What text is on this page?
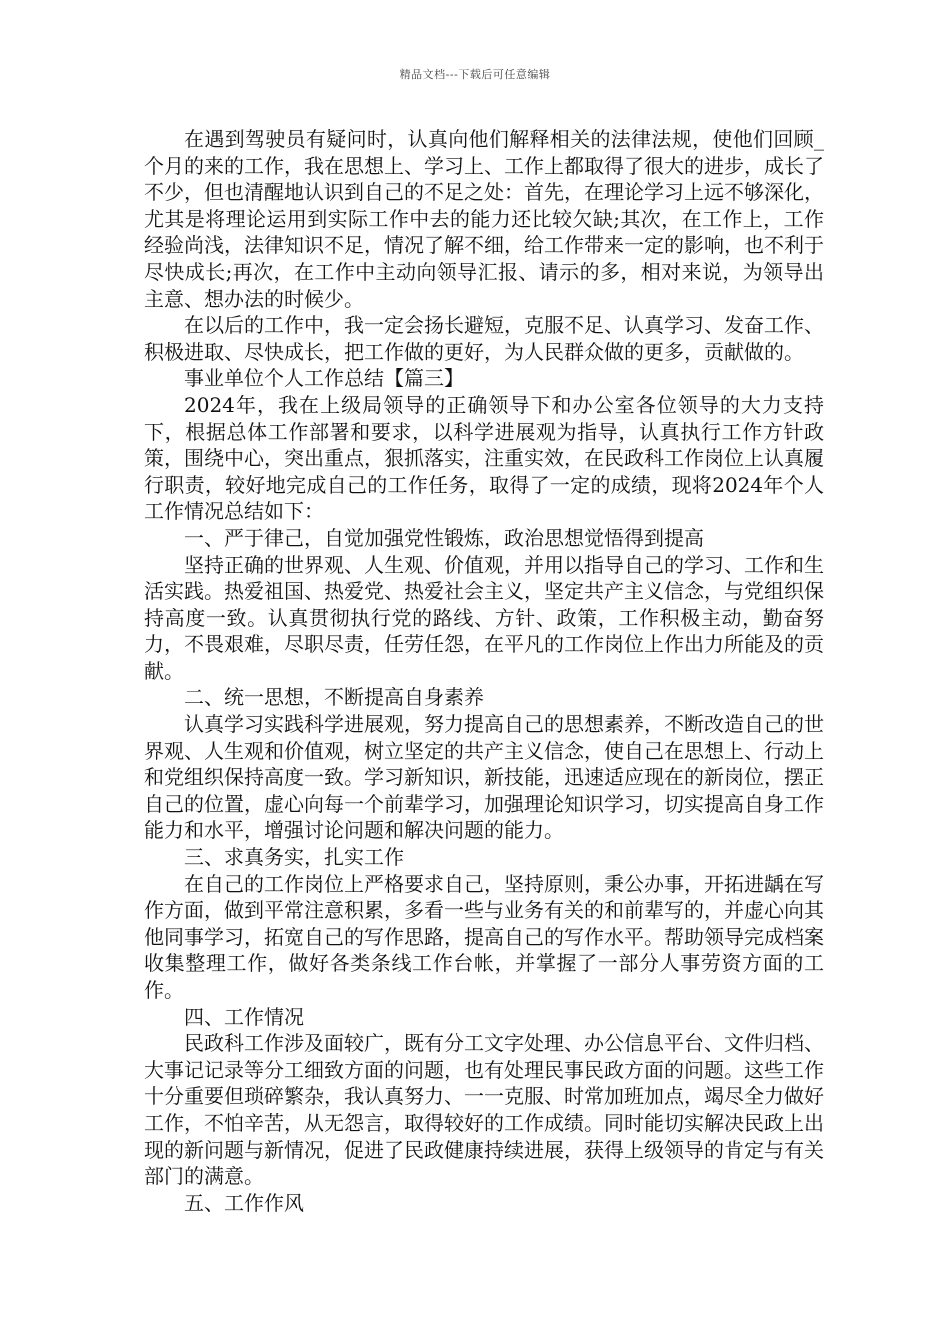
精品文档---下载后可任意编辑

在遇到驾驶员有疑问时，认真向他们解释相关的法律法规，使他们回顾_个月的来的工作，我在思想上、学习上、工作上都取得了很大的进步，成长了不少，但也清醒地认识到自己的不足之处：首先，在理论学习上远不够深化，尤其是将理论运用到实际工作中去的能力还比较欠缺;其次，在工作上，工作经验尚浅，法律知识不足，情况了解不细，给工作带来一定的影响，也不利于尽快成长;再次，在工作中主动向领导汇报、请示的多，相对来说，为领导出主意、想办法的时候少。

在以后的工作中，我一定会扬长避短，克服不足、认真学习、发奋工作、积极进取、尽快成长，把工作做的更好，为人民群众做的更多，贡献做的。

事业单位个人工作总结【篇三】

2024年，我在上级局领导的正确领导下和办公室各位领导的大力支持下，根据总体工作部署和要求，以科学进展观为指导，认真执行工作方针政策，围绕中心，突出重点，狠抓落实，注重实效，在民政科工作岗位上认真履行职责，较好地完成自己的工作任务，取得了一定的成绩，现将2024年个人工作情况总结如下：

一、严于律己，自觉加强党性锻炼，政治思想觉悟得到提高

坚持正确的世界观、人生观、价值观，并用以指导自己的学习、工作和生活实践。热爱祖国、热爱党、热爱社会主义，坚定共产主义信念，与党组织保持高度一致。认真贯彻执行党的路线、方针、政策，工作积极主动，勤奋努力，不畏艰难，尽职尽责，任劳任怨，在平凡的工作岗位上作出力所能及的贡献。

二、统一思想，不断提高自身素养

认真学习实践科学进展观，努力提高自己的思想素养，不断改造自己的世界观、人生观和价值观，树立坚定的共产主义信念，使自己在思想上、行动上和党组织保持高度一致。学习新知识，新技能，迅速适应现在的新岗位，摆正自己的位置，虚心向每一个前辈学习，加强理论知识学习，切实提高自身工作能力和水平，增强讨论问题和解决问题的能力。

三、求真务实，扎实工作

在自己的工作岗位上严格要求自己，坚持原则，秉公办事，开拓进龋在写作方面，做到平常注意积累，多看一些与业务有关的和前辈写的，并虚心向其他同事学习，拓宽自己的写作思路，提高自己的写作水平。帮助领导完成档案收集整理工作，做好各类条线工作台帐，并掌握了一部分人事劳资方面的工作。

四、工作情况

民政科工作涉及面较广，既有分工文字处理、办公信息平台、文件归档、大事记记录等分工细致方面的问题，也有处理民事民政方面的问题。这些工作十分重要但琐碎繁杂，我认真努力、一一克服、时常加班加点，竭尽全力做好工作，不怕辛苦，从无怨言，取得较好的工作成绩。同时能切实解决民政上出现的新问题与新情况，促进了民政健康持续进展，获得上级领导的肯定与有关部门的满意。

五、工作作风
